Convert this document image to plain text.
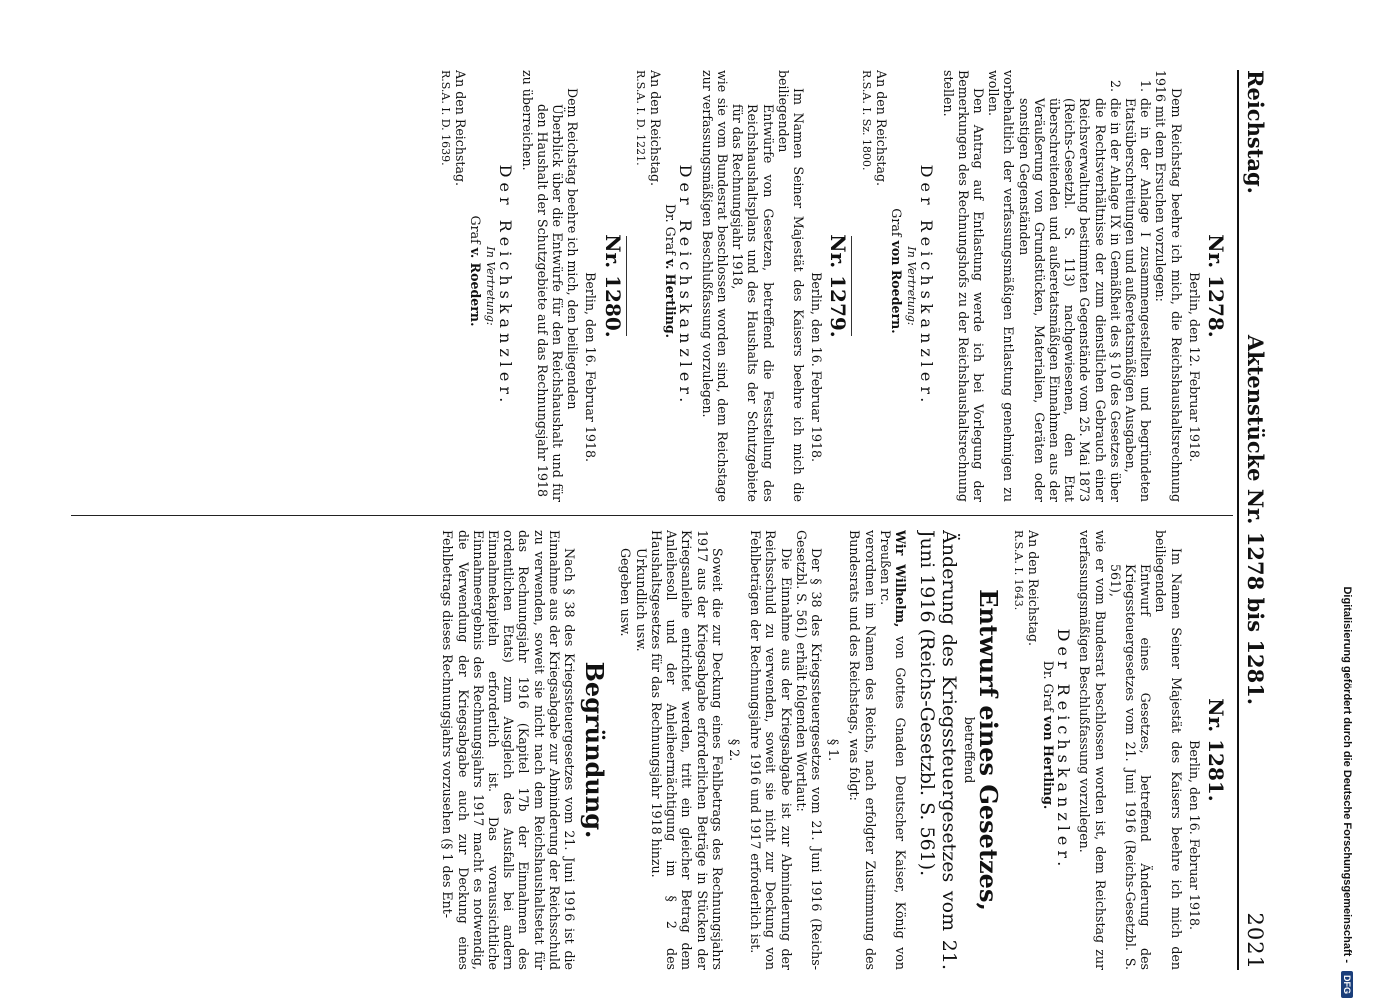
Reichstag.
Aktenstücke Nr. 1278 bis 1281.
2021
Nr. 1278.
Berlin, den 12. Februar 1918.

Dem Reichstag beehre ich mich, die Reichshaushaltsrechnung 1916 mit dem Ersuchen vorzulegen:

1.
die in der Anlage I zusammengestellten und begründeten Etatsüberschreitungen und außeretatsmäßigen Ausgaben,
2.
die in der Anlage IX in Gemäßheit des § 10 des Gesetzes über die Rechtsverhältnisse der zum dienstlichen Gebrauch einer Reichsverwaltung bestimmten Gegenstände vom 25. Mai 1873 (Reichs-Gesetzbl. S. 113) nachgewiesenen, den Etat überschreitenden und außeretatsmäßigen Einnahmen aus der Veräußerung von Grundstücken, Materialien, Geräten oder sonstigen Gegenständen

vorbehaltlich der verfassungsmäßigen Entlastung genehmigen zu wollen.

Den Antrag auf Entlastung werde ich bei Vorlegung der Bemerkungen des Rechnungshofs zu der Reichshaushaltsrechnung stellen.

Der Reichskanzler.
In Vertretung:
Graf von Roedern.
An den Reichstag.
R.S.A. I. Sz. 1800.
Nr. 1279.
Berlin, den 16. Februar 1918.

Im Namen Seiner Majestät des Kaisers beehre ich mich die beiliegenden

Entwürfe von Gesetzen, betreffend die Feststellung des Reichshaushaltsplans und des Haushalts der Schutzgebiete für das Rechnungsjahr 1918,

wie sie vom Bundesrat beschlossen worden sind, dem Reichstage zur verfassungsmäßigen Beschlußfassung vorzulegen.

Der Reichskanzler.
Dr. Graf v. Hertling.
An den Reichstag.
R.S.A. I. D. 1221.
Nr. 1280.
Berlin, den 16. Februar 1918.

Dem Reichstag beehre ich mich, den beiliegenden

Überblick über die Entwürfe für den Reichshaushalt und für den Haushalt der Schutzgebiete auf das Rechnungsjahr 1918

zu überreichen.

Der Reichskanzler.
In Vertretung:
Graf v. Roedern.
An den Reichstag.
R.S.A. I. D. 1639.
Nr. 1281.
Berlin, den 16. Februar 1918.

Im Namen Seiner Majestät des Kaisers beehre ich mich den beiliegenden

Entwurf eines Gesetzes, betreffend Änderung des Kriegssteuergesetzes vom 21. Juni 1916 (Reichs-Gesetzbl. S. 561),

wie er vom Bundesrat beschlossen worden ist, dem Reichstag zur verfassungsmäßigen Beschlußfassung vorzulegen.

Der Reichskanzler.
Dr. Graf von Hertling.
An den Reichstag.
R.S.A. I. 1643.
Entwurf eines Gesetzes,
betreffend
Änderung des Kriegssteuergesetzes vom 21. Juni 1916 (Reichs-Gesetzbl. S. 561).

Wir Wilhelm, von Gottes Gnaden Deutscher Kaiser, König von Preußen rc.

verordnen im Namen des Reichs, nach erfolgter Zustimmung des Bundesrats und des Reichstags, was folgt:

§ 1.

Der § 38 des Kriegssteuergesetzes vom 21. Juni 1916 (Reichs-Gesetzbl. S. 561) erhält folgenden Wortlaut:

Die Einnahme aus der Kriegsabgabe ist zur Abminderung der Reichsschuld zu verwenden, soweit sie nicht zur Deckung von Fehlbeträgen der Rechnungsjahre 1916 und 1917 erforderlich ist.

§ 2.

Soweit die zur Deckung eines Fehlbetrags des Rechnungsjahrs 1917 aus der Kriegsabgabe erforderlichen Beträge in Stücken der Kriegsanleihe entrichtet werden, tritt ein gleicher Betrag dem Anleihesoll und der Anleiheermächtigung im § 2 des Haushaltsgesetzes für das Rechnungsjahr 1918 hinzu.

Urkundlich usw.
Gegeben usw.
Begründung.

Nach § 38 des Kriegssteuergesetzes vom 21. Juni 1916 ist die Einnahme aus der Kriegsabgabe zur Abminderung der Reichsschuld zu verwenden, soweit sie nicht nach dem Reichshaushaltsetat für das Rechnungsjahr 1916 (Kapitel 17b der Einnahmen des ordentlichen Etats) zum Ausgleich des Ausfalls bei andern Einnahmekapiteln erforderlich ist. Das voraussichtliche Einnahmeergebnis des Rechnungsjahrs 1917 macht es notwendig, die Verwendung der Kriegsabgabe auch zur Deckung eines Fehlbetrags dieses Rechnungsjahrs vorzusehen (§ 1 des Ent-	Digitalisierung gefördert durch die Deutsche Forschungsgemeinschaft -
DFG
